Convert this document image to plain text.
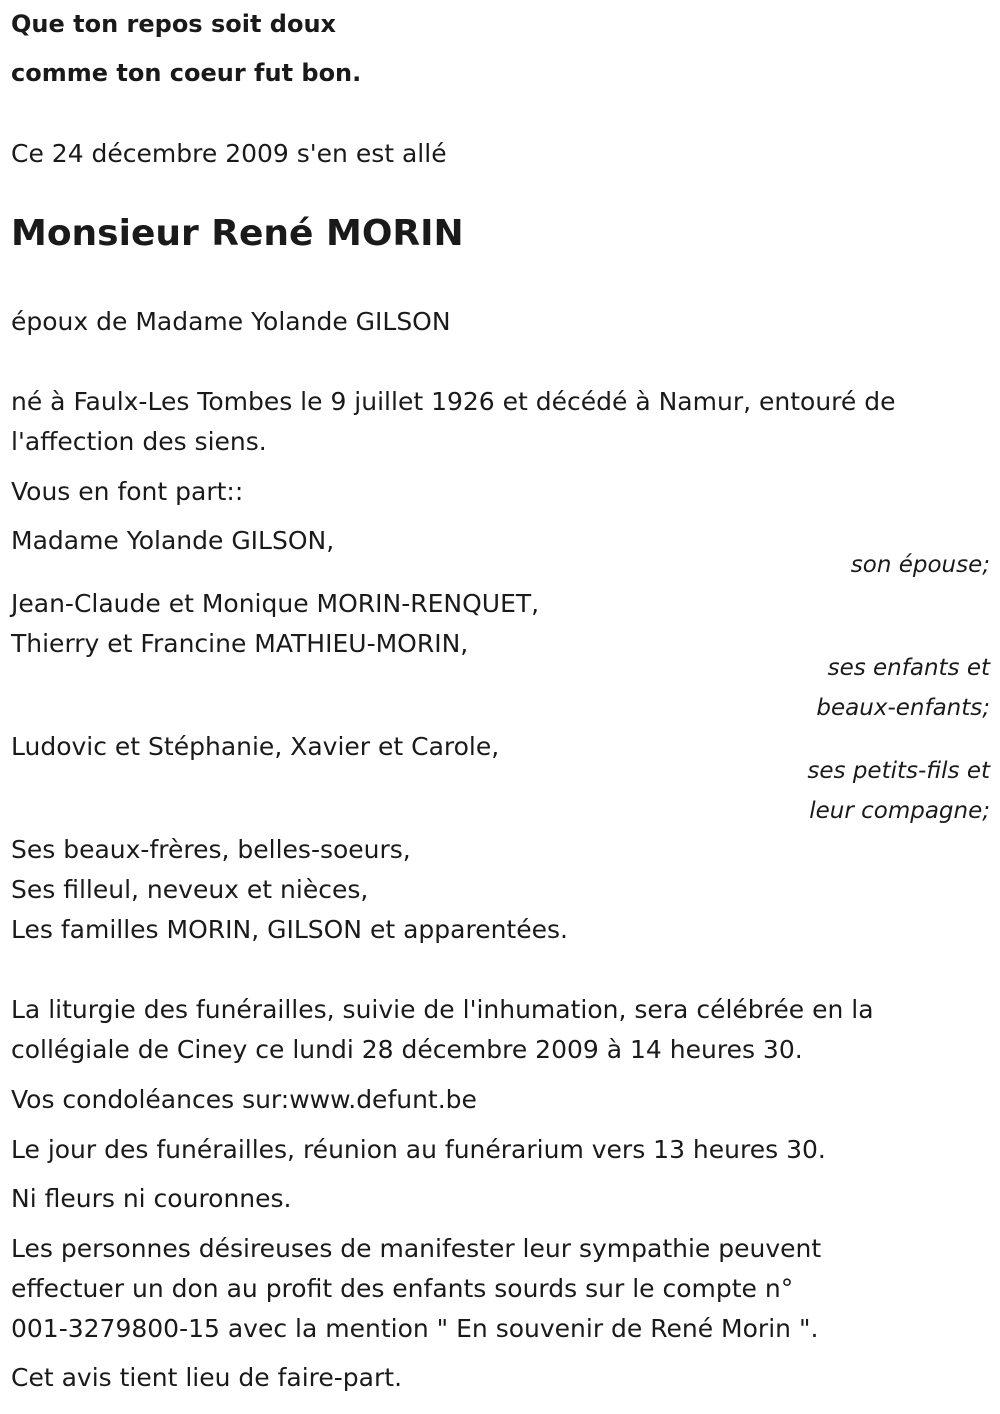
Que ton repos soit doux

comme ton coeur fut bon.

Ce 24 décembre 2009 s'en est allé

Monsieur René MORIN

époux de Madame Yolande GILSON

né à Faulx-Les Tombes le 9 juillet 1926 et décédé à Namur, entouré de
l'affection des siens.

Vous en font part::

Madame Yolande GILSON,

son épouse;

Jean-Claude et Monique MORIN-RENQUET,
Thierry et Francine MATHIEU-MORIN,

ses enfants et
beaux-enfants;

Ludovic et Stéphanie, Xavier et Carole,

ses petits-fils et
leur compagne;

Ses beaux-frères, belles-soeurs,
Ses filleul, neveux et nièces,
Les familles MORIN, GILSON et apparentées.

La liturgie des funérailles, suivie de l'inhumation, sera célébrée en la
collégiale de Ciney ce lundi 28 décembre 2009 à 14 heures 30.

Vos condoléances sur:www.defunt.be

Le jour des funérailles, réunion au funérarium vers 13 heures 30.

Ni fleurs ni couronnes.

Les personnes désireuses de manifester leur sympathie peuvent
effectuer un don au profit des enfants sourds sur le compte n°
001-3279800-15 avec la mention " En souvenir de René Morin ".

Cet avis tient lieu de faire-part.
